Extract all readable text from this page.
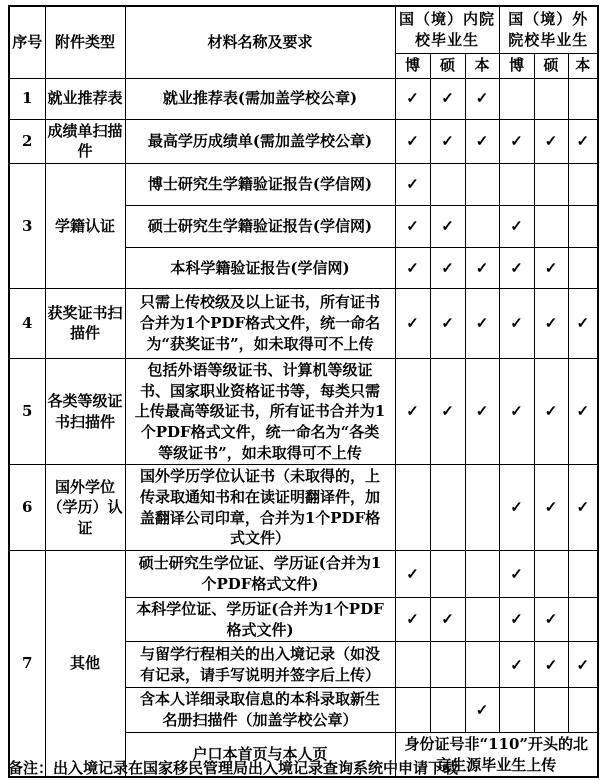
序号	附件类型	材料名称及要求	国（境）内院校毕业生			国（境）外院校毕业生		
			博	硕	本	博	硕	本
1	就业推荐表	就业推荐表(需加盖学校公章)	✓	✓	✓			
2	成绩单扫描件	最高学历成绩单(需加盖学校公章)	✓	✓	✓	✓	✓	✓
3	学籍认证	博士研究生学籍验证报告(学信网)	✓					
		硕士研究生学籍验证报告(学信网)	✓	✓		✓		
		本科学籍验证报告(学信网)	✓	✓	✓	✓	✓	
4	获奖证书扫描件	只需上传校级及以上证书，所有证书合并为1个PDF格式文件，统一命名为“获奖证书”，如未取得可不上传	✓	✓	✓	✓	✓	✓
5	各类等级证书扫描件	包括外语等级证书、计算机等级证书、国家职业资格证书等，每类只需上传最高等级证书，所有证书合并为1个PDF格式文件，统一命名为“各类等级证书”，如未取得可不上传	✓	✓	✓	✓	✓	✓
6	国外学位（学历）认证	国外学历学位认证书（未取得的，上传录取通知书和在读证明翻译件，加盖翻译公司印章，合并为1个PDF格式文件）				✓	✓	✓
7	其他	硕士研究生学位证、学历证(合并为1个PDF格式文件)	✓			✓		
		本科学位证、学历证(合并为1个PDF格式文件)	✓	✓		✓	✓	
		与留学行程相关的出入境记录（如没有记录，请手写说明并签字后上传）				✓	✓	✓
		含本人详细录取信息的本科录取新生名册扫描件（加盖学校公章）			✓			
		户口本首页与本人页	身份证号非“110”开头的北京生源毕业生上传					
备注：出入境记录在国家移民管理局出入境记录查询系统中申请下载
